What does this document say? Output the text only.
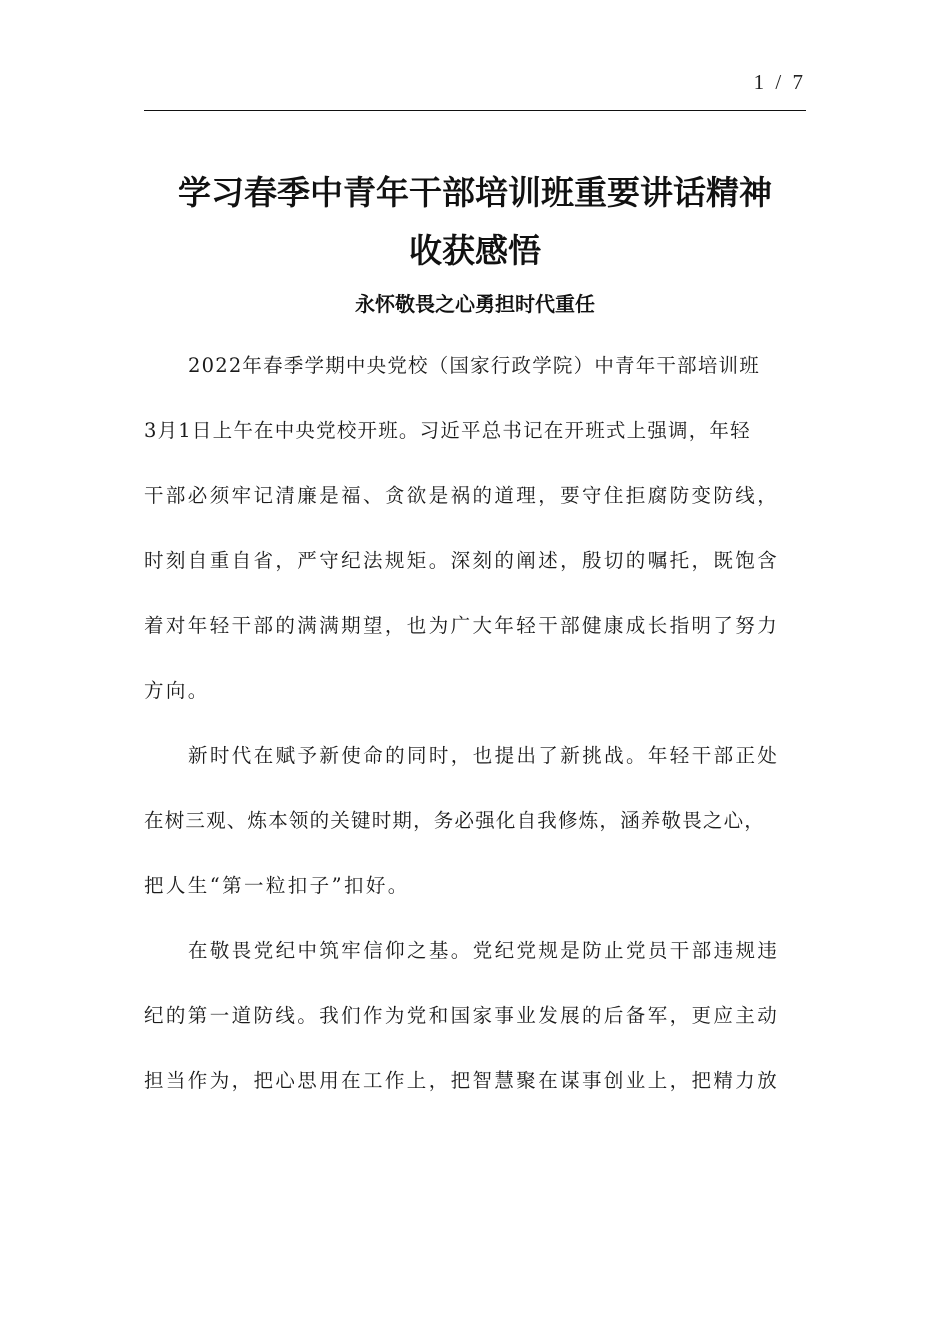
1 / 7
学习春季中青年干部培训班重要讲话精神
收获感悟
永怀敬畏之心勇担时代重任
2022年春季学期中央党校（国家行政学院）中青年干部培训班
3月1日上午在中央党校开班。习近平总书记在开班式上强调，年轻
干部必须牢记清廉是福、贪欲是祸的道理，要守住拒腐防变防线，
时刻自重自省，严守纪法规矩。深刻的阐述，殷切的嘱托，既饱含
着对年轻干部的满满期望，也为广大年轻干部健康成长指明了努力
方向。
新时代在赋予新使命的同时，也提出了新挑战。年轻干部正处
在树三观、炼本领的关键时期，务必强化自我修炼，涵养敬畏之心，
把人生“第一粒扣子”扣好。
在敬畏党纪中筑牢信仰之基。党纪党规是防止党员干部违规违
纪的第一道防线。我们作为党和国家事业发展的后备军，更应主动
担当作为，把心思用在工作上，把智慧聚在谋事创业上，把精力放
